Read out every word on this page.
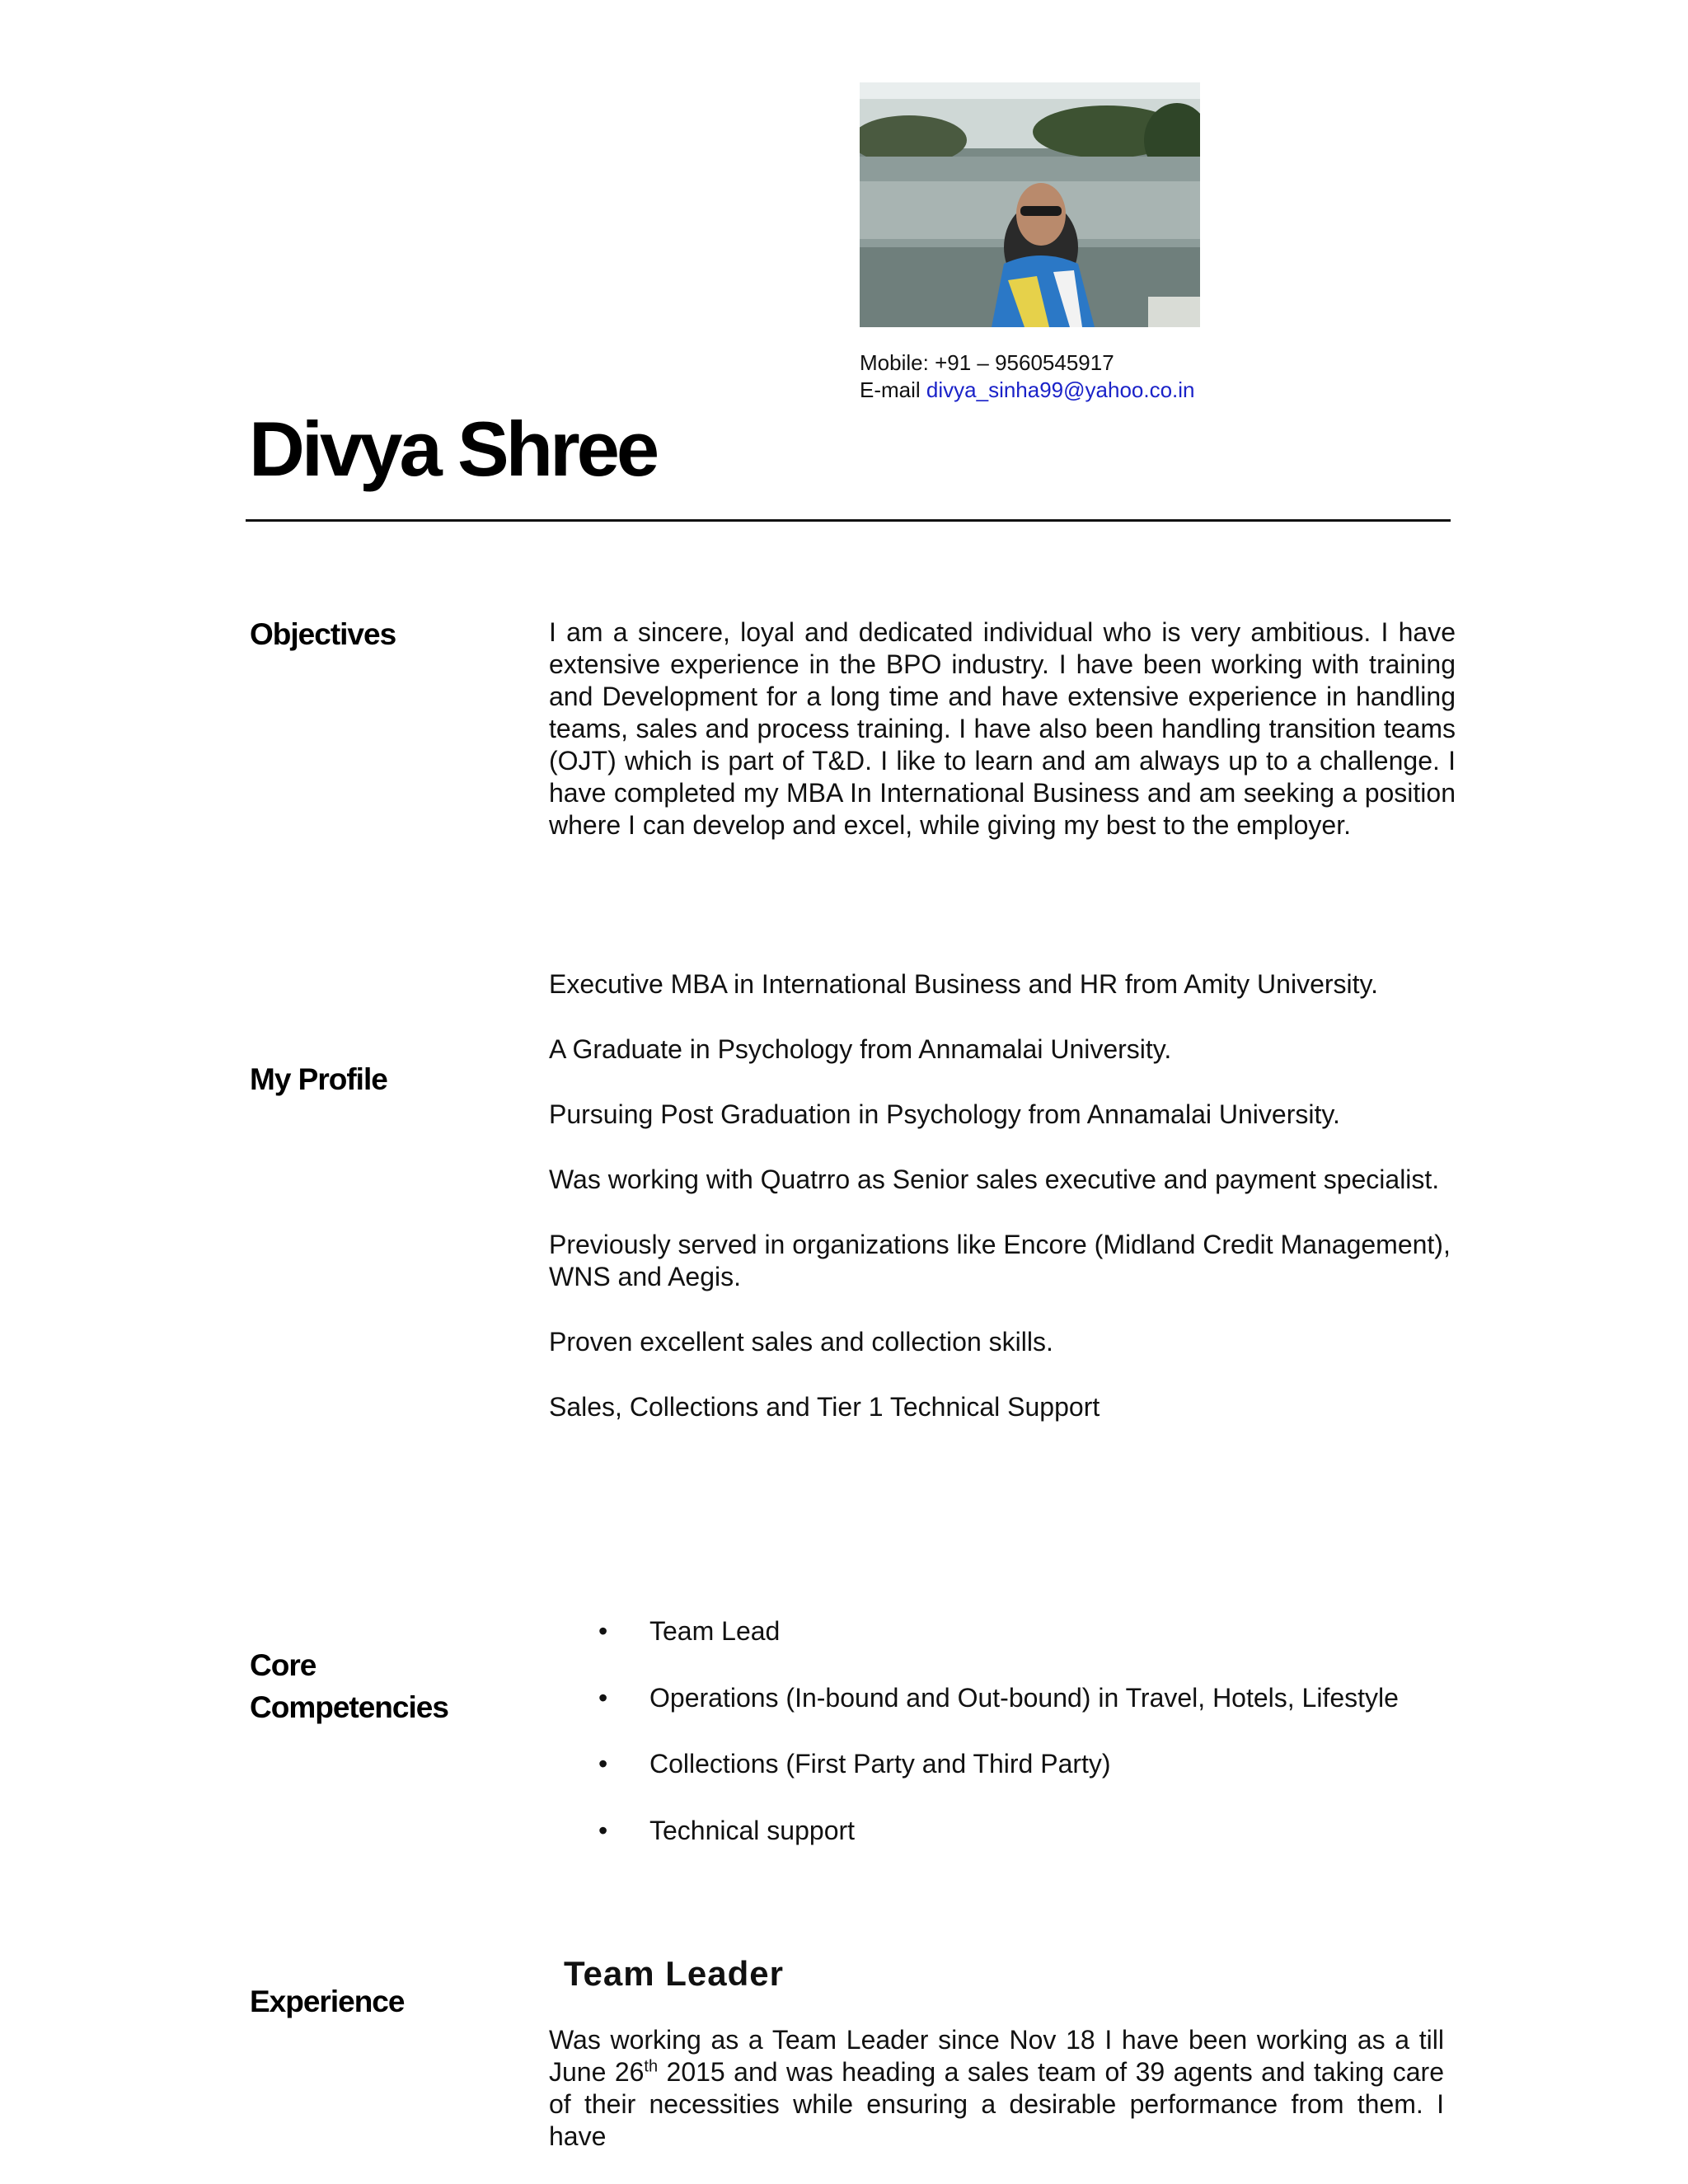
Mobile: +91 – 9560545917
E-mail divya_sinha99@yahoo.co.in
Divya Shree
Objectives	I am a sincere, loyal and dedicated individual who is very ambitious. I have extensive experience in the BPO industry. I have been working with training and Development for a long time and have extensive experience in handling teams, sales and process training. I have also been handling transition teams (OJT) which is part of T&D. I like to learn and am always up to a challenge. I have completed my MBA In International Business and am seeking a position where I can develop and excel, while giving my best to the employer.

My Profile

Executive MBA in International Business and HR from Amity University.

A Graduate in Psychology from Annamalai University.

Pursuing Post Graduation in Psychology from Annamalai University.

Was working with Quatrro as Senior sales executive and payment specialist.

Previously served in organizations like Encore (Midland Credit Management), WNS and Aegis.

Proven excellent sales and collection skills.

Sales, Collections and Tier 1 Technical Support

Core
Competencies
• Team Lead
• Operations (In-bound and Out-bound) in Travel, Hotels, Lifestyle
• Collections (First Party and Third Party)
• Technical support
Experience
Team Leader
Was working as a Team Leader since Nov 18 I have been working as a till June 26th 2015 and was heading a sales team of 39 agents and taking care of their necessities while ensuring a desirable performance from them. I have
